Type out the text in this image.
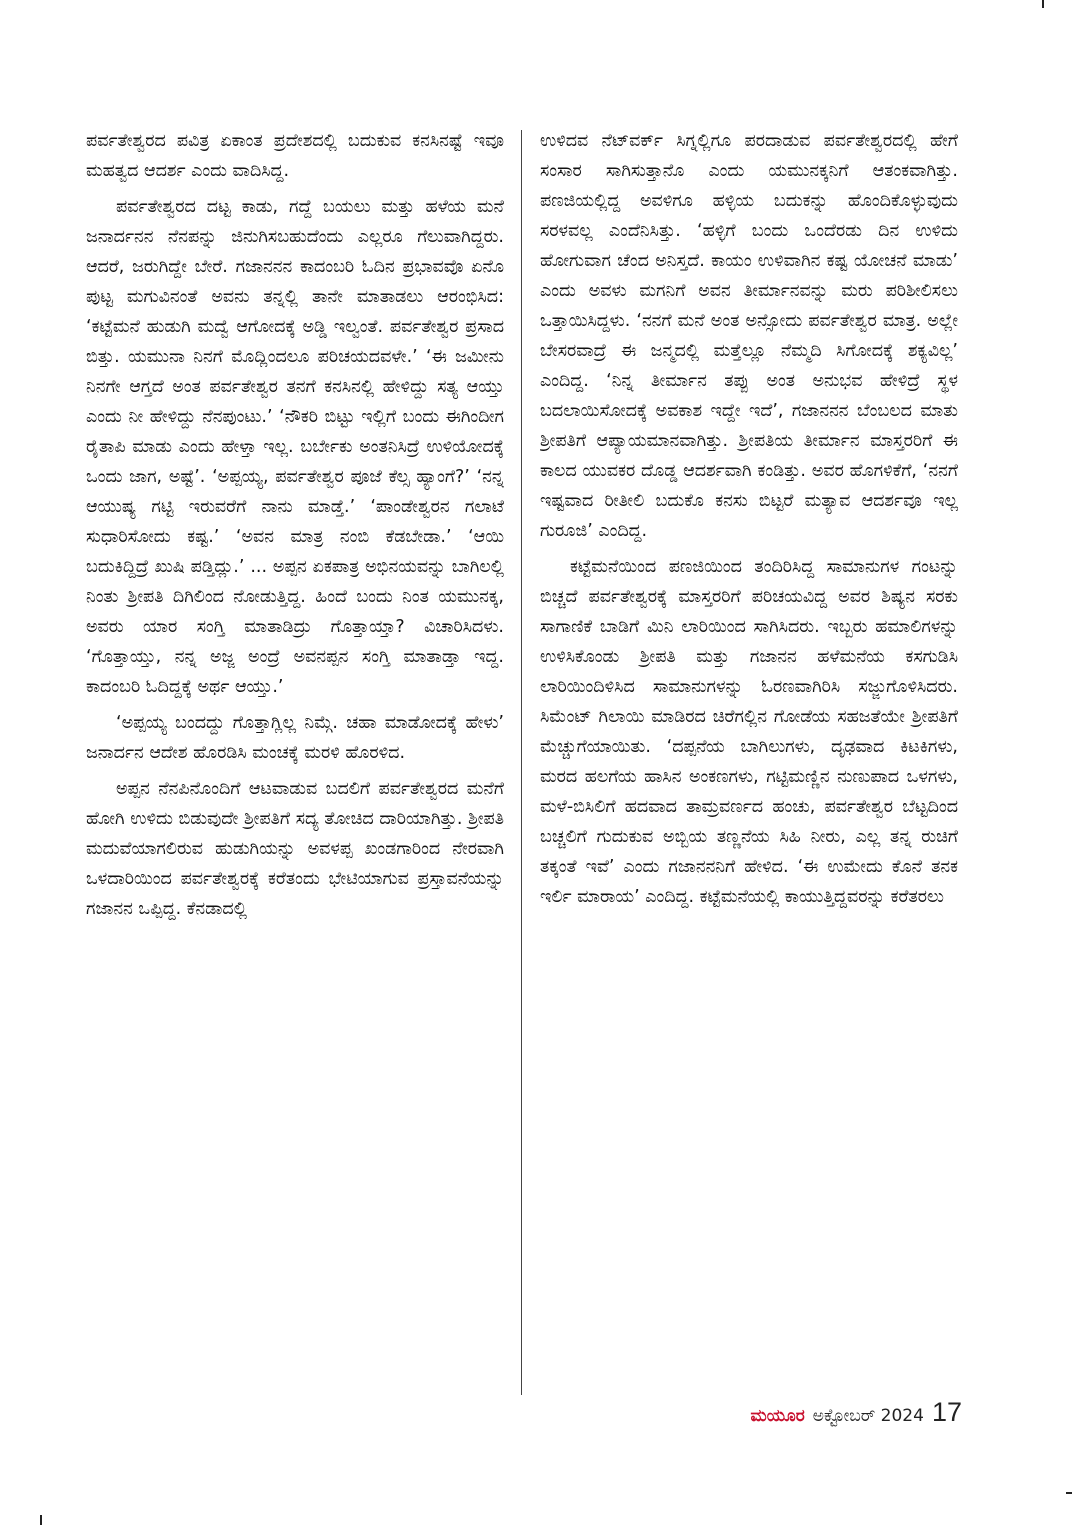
ಪರ್ವತೇಶ್ವರದ ಪವಿತ್ರ ಏಕಾಂತ ಪ್ರದೇಶದಲ್ಲಿ ಬದುಕುವ ಕನಸಿನಷ್ಟೆ ಇವೂ ಮಹತ್ವದ ಆದರ್ಶ ಎಂದು ವಾದಿಸಿದ್ದ.

ಪರ್ವತೇಶ್ವರದ ದಟ್ಟ ಕಾಡು, ಗದ್ದೆ ಬಯಲು ಮತ್ತು ಹಳೆಯ ಮನೆ ಜನಾರ್ದನನ ನೆನಪನ್ನು ಜಿನುಗಿಸಬಹುದೆಂದು ಎಲ್ಲರೂ ಗೆಲುವಾಗಿದ್ದರು. ಆದರೆ, ಜರುಗಿದ್ದೇ ಬೇರೆ. ಗಜಾನನನ ಕಾದಂಬರಿ ಓದಿನ ಪ್ರಭಾವವೊ ಏನೊ ಪುಟ್ಟ ಮಗುವಿನಂತೆ ಅವನು ತನ್ನಲ್ಲಿ ತಾನೇ ಮಾತಾಡಲು ಆರಂಭಿಸಿದ: ‘ಕಟ್ಟೆಮನೆ ಹುಡುಗಿ ಮದ್ವೆ ಆಗೋದಕ್ಕೆ ಅಡ್ಡಿ ಇಲ್ವಂತೆ. ಪರ್ವತೇಶ್ವರ ಪ್ರಸಾದ ಬಿತ್ತು. ಯಮುನಾ ನಿನಗೆ ಮೊದ್ಲಿಂದಲೂ ಪರಿಚಯದವಳೇ.’ ‘ಈ ಜಮೀನು ನಿನಗೇ ಆಗ್ತದೆ ಅಂತ ಪರ್ವತೇಶ್ವರ ತನಗೆ ಕನಸಿನಲ್ಲಿ ಹೇಳಿದ್ದು ಸತ್ಯ ಆಯ್ತು ಎಂದು ನೀ ಹೇಳಿದ್ದು ನೆನಪುಂಟು.’ ‘ನೌಕರಿ ಬಿಟ್ಟು ಇಲ್ಲಿಗೆ ಬಂದು ಈಗಿಂದೀಗ ರೈತಾಪಿ ಮಾಡು ಎಂದು ಹೇಳ್ತಾ ಇಲ್ಲ. ಬರ್ಬೇಕು ಅಂತನಿಸಿದ್ರೆ ಉಳಿಯೋದಕ್ಕೆ ಒಂದು ಜಾಗ, ಅಷ್ಟೆ’. ‘ಅಪ್ಪಯ್ಯ, ಪರ್ವತೇಶ್ವರ ಪೂಜೆ ಕೆಲ್ಸ ಹ್ಯಾಂಗೆ?’ ‘ನನ್ನ ಆಯುಷ್ಯ ಗಟ್ಟಿ ಇರುವರೆಗೆ ನಾನು ಮಾಡ್ತೆ.’ ‘ಪಾಂಡೇಶ್ವರನ ಗಲಾಟೆ ಸುಧಾರಿಸೋದು ಕಷ್ಟ.’ ‘ಅವನ ಮಾತ್ರ ನಂಬಿ ಕೆಡಬೇಡಾ.’ ‘ಆಯಿ ಬದುಕಿದ್ದಿದ್ರೆ ಖುಷಿ ಪಡ್ತಿದ್ಲು.’ ... ಅಪ್ಪನ ಏಕಪಾತ್ರ ಅಭಿನಯವನ್ನು ಬಾಗಿಲಲ್ಲಿ ನಿಂತು ಶ್ರೀಪತಿ ದಿಗಿಲಿಂದ ನೋಡುತ್ತಿದ್ದ. ಹಿಂದೆ ಬಂದು ನಿಂತ ಯಮುನಕ್ಕ, ಅವರು ಯಾರ ಸಂಗ್ತಿ ಮಾತಾಡಿದ್ರು ಗೊತ್ತಾಯ್ತಾ? ವಿಚಾರಿಸಿದಳು. ‘ಗೊತ್ತಾಯ್ತು, ನನ್ನ ಅಜ್ಜ ಅಂದ್ರೆ ಅವನಪ್ಪನ ಸಂಗ್ತಿ ಮಾತಾಡ್ತಾ ಇದ್ದ. ಕಾದಂಬರಿ ಓದಿದ್ದಕ್ಕೆ ಅರ್ಥ ಆಯ್ತು.’

‘ಅಪ್ಪಯ್ಯ ಬಂದದ್ದು ಗೊತ್ತಾಗ್ಲಿಲ್ಲ ನಿಮ್ಗೆ. ಚಹಾ ಮಾಡೋದಕ್ಕೆ ಹೇಳು’ ಜನಾರ್ದನ ಆದೇಶ ಹೊರಡಿಸಿ ಮಂಚಕ್ಕೆ ಮರಳಿ ಹೊರಳಿದ.

ಅಪ್ಪನ ನೆನಪಿನೊಂದಿಗೆ ಆಟವಾಡುವ ಬದಲಿಗೆ ಪರ್ವತೇಶ್ವರದ ಮನೆಗೆ ಹೋಗಿ ಉಳಿದು ಬಿಡುವುದೇ ಶ್ರೀಪತಿಗೆ ಸದ್ಯ ತೋಚಿದ ದಾರಿಯಾಗಿತ್ತು. ಶ್ರೀಪತಿ ಮದುವೆಯಾಗಲಿರುವ ಹುಡುಗಿಯನ್ನು ಅವಳಪ್ಪ ಖಂಡಗಾರಿಂದ ನೇರವಾಗಿ ಒಳದಾರಿಯಿಂದ ಪರ್ವತೇಶ್ವರಕ್ಕೆ ಕರೆತಂದು ಭೇಟಿಯಾಗುವ ಪ್ರಸ್ತಾವನೆಯನ್ನು ಗಜಾನನ ಒಪ್ಪಿದ್ದ. ಕೆನಡಾದಲ್ಲಿ

ಉಳಿದವ ನೆಟ್‌ವರ್ಕ್ ಸಿಗ್ನಲ್ಲಿಗೂ ಪರದಾಡುವ ಪರ್ವತೇಶ್ವರದಲ್ಲಿ ಹೇಗೆ ಸಂಸಾರ ಸಾಗಿಸುತ್ತಾನೊ ಎಂದು ಯಮುನಕ್ಕನಿಗೆ ಆತಂಕವಾಗಿತ್ತು. ಪಣಜಿಯಲ್ಲಿದ್ದ ಅವಳಿಗೂ ಹಳ್ಳಿಯ ಬದುಕನ್ನು ಹೊಂದಿಕೊಳ್ಳುವುದು ಸರಳವಲ್ಲ ಎಂದೆನಿಸಿತ್ತು. ‘ಹಳ್ಳಿಗೆ ಬಂದು ಒಂದೆರಡು ದಿನ ಉಳಿದು ಹೋಗುವಾಗ ಚೆಂದ ಅನಿಸ್ತದೆ. ಕಾಯಂ ಉಳಿವಾಗಿನ ಕಷ್ಟ ಯೋಚನೆ ಮಾಡು’ ಎಂದು ಅವಳು ಮಗನಿಗೆ ಅವನ ತೀರ್ಮಾನವನ್ನು ಮರು ಪರಿಶೀಲಿಸಲು ಒತ್ತಾಯಿಸಿದ್ದಳು. ‘ನನಗೆ ಮನೆ ಅಂತ ಅನ್ಸೋದು ಪರ್ವತೇಶ್ವರ ಮಾತ್ರ. ಅಲ್ಲೇ ಬೇಸರವಾದ್ರೆ ಈ ಜನ್ಮದಲ್ಲಿ ಮತ್ತೆಲ್ಲೂ ನೆಮ್ಮದಿ ಸಿಗೋದಕ್ಕೆ ಶಕ್ಯವಿಲ್ಲ’ ಎಂದಿದ್ದ. ‘ನಿನ್ನ ತೀರ್ಮಾನ ತಪ್ಪು ಅಂತ ಅನುಭವ ಹೇಳಿದ್ರೆ ಸ್ಥಳ ಬದಲಾಯಿಸೋದಕ್ಕೆ ಅವಕಾಶ ಇದ್ದೇ ಇದೆ’, ಗಜಾನನನ ಬೆಂಬಲದ ಮಾತು ಶ್ರೀಪತಿಗೆ ಆಪ್ಯಾಯಮಾನವಾಗಿತ್ತು. ಶ್ರೀಪತಿಯ ತೀರ್ಮಾನ ಮಾಸ್ತರರಿಗೆ ಈ ಕಾಲದ ಯುವಕರ ದೊಡ್ಡ ಆದರ್ಶವಾಗಿ ಕಂಡಿತ್ತು. ಅವರ ಹೊಗಳಿಕೆಗೆ, ‘ನನಗೆ ಇಷ್ಟವಾದ ರೀತೀಲಿ ಬದುಕೊ ಕನಸು ಬಿಟ್ಟರೆ ಮತ್ಯಾವ ಆದರ್ಶವೂ ಇಲ್ಲ ಗುರೂಜಿ’ ಎಂದಿದ್ದ.

ಕಟ್ಟೆಮನೆಯಿಂದ ಪಣಜಿಯಿಂದ ತಂದಿರಿಸಿದ್ದ ಸಾಮಾನುಗಳ ಗಂಟನ್ನು ಬಿಚ್ಚದೆ ಪರ್ವತೇಶ್ವರಕ್ಕೆ ಮಾಸ್ತರರಿಗೆ ಪರಿಚಯವಿದ್ದ ಅವರ ಶಿಷ್ಯನ ಸರಕು ಸಾಗಾಣಿಕೆ ಬಾಡಿಗೆ ಮಿನಿ ಲಾರಿಯಿಂದ ಸಾಗಿಸಿದರು. ಇಬ್ಬರು ಹಮಾಲಿಗಳನ್ನು ಉಳಿಸಿಕೊಂಡು ಶ್ರೀಪತಿ ಮತ್ತು ಗಜಾನನ ಹಳೆಮನೆಯ ಕಸಗುಡಿಸಿ ಲಾರಿಯಿಂದಿಳಿಸಿದ ಸಾಮಾನುಗಳನ್ನು ಓರಣವಾಗಿರಿಸಿ ಸಜ್ಜುಗೊಳಿಸಿದರು. ಸಿಮೆಂಟ್ ಗಿಲಾಯಿ ಮಾಡಿರದ ಚಿರೆಗಲ್ಲಿನ ಗೋಡೆಯ ಸಹಜತೆಯೇ ಶ್ರೀಪತಿಗೆ ಮೆಚ್ಚುಗೆಯಾಯಿತು. ‘ದಪ್ಪನೆಯ ಬಾಗಿಲುಗಳು, ದೃಢವಾದ ಕಿಟಕಿಗಳು, ಮರದ ಹಲಗೆಯ ಹಾಸಿನ ಅಂಕಣಗಳು, ಗಟ್ಟಿಮಣ್ಣಿನ ನುಣುಪಾದ ಒಳಗಳು, ಮಳೆ-ಬಿಸಿಲಿಗೆ ಹದವಾದ ತಾಮ್ರವರ್ಣದ ಹಂಚು, ಪರ್ವತೇಶ್ವರ ಬೆಟ್ಟದಿಂದ ಬಚ್ಚಲಿಗೆ ಗುದುಕುವ ಅಬ್ಬಿಯ ತಣ್ಣನೆಯ ಸಿಹಿ ನೀರು, ಎಲ್ಲ ತನ್ನ ರುಚಿಗೆ ತಕ್ಕಂತೆ ಇವೆ’ ಎಂದು ಗಜಾನನನಿಗೆ ಹೇಳಿದ. ‘ಈ ಉಮೇದು ಕೊನೆ ತನಕ ಇರ್ಲಿ ಮಾರಾಯ’ ಎಂದಿದ್ದ. ಕಟ್ಟೆಮನೆಯಲ್ಲಿ ಕಾಯುತ್ತಿದ್ದವರನ್ನು ಕರೆತರಲು

ಮಯೂರ ಅಕ್ಟೋಬರ್ 2024 17
